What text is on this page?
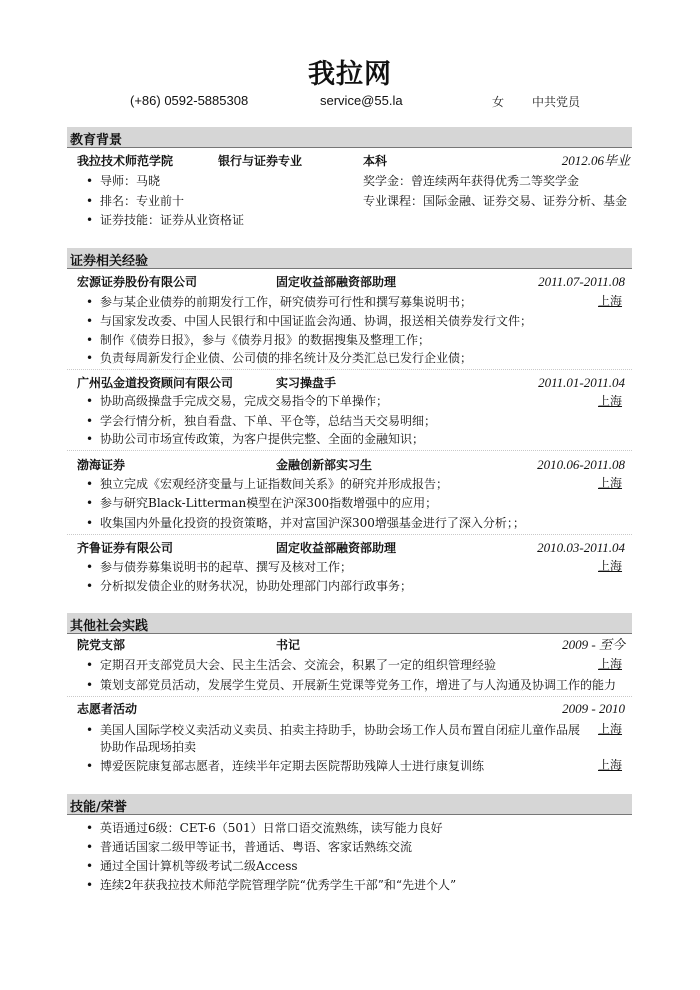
我拉网
(+86) 0592-5885308	service@55.la	女 中共党员
教育背景
我拉技术师范学院	银行与证券专业	本科	2012.06毕业
• 导师：马晓
• 排名：专业前十
• 证券技能：证券从业资格证
奖学金：曾连续两年获得优秀二等奖学金
专业课程：国际金融、证券交易、证券分析、基金
证券相关经验
宏源证券股份有限公司	固定收益部融资部助理	2011.07-2011.08
• 参与某企业债券的前期发行工作，研究债券可行性和撰写募集说明书；	上海
• 与国家发改委、中国人民银行和中国证监会沟通、协调，报送相关债券发行文件；
• 制作《债券日报》，参与《债券月报》的数据搜集及整理工作；
• 负责每周新发行企业债、公司债的排名统计及分类汇总已发行企业债；
广州弘金道投资顾问有限公司	实习操盘手	2011.01-2011.04
• 协助高级操盘手完成交易，完成交易指令的下单操作；	上海
• 学会行情分析，独自看盘、下单、平仓等，总结当天交易明细；
• 协助公司市场宣传政策，为客户提供完整、全面的金融知识；
渤海证券	金融创新部实习生	2010.06-2011.08
• 独立完成《宏观经济变量与上证指数间关系》的研究并形成报告；	上海
• 参与研究Black-Litterman模型在沪深300指数增强中的应用；
• 收集国内外量化投资的投资策略，并对富国沪深300增强基金进行了深入分析；；
齐鲁证券有限公司	固定收益部融资部助理	2010.03-2011.04
• 参与债券募集说明书的起草、撰写及核对工作；	上海
• 分析拟发债企业的财务状况，协助处理部门内部行政事务；
其他社会实践
院党支部	书记	2009 - 至今
• 定期召开支部党员大会、民主生活会、交流会，积累了一定的组织管理经验	上海
• 策划支部党员活动，发展学生党员、开展新生党课等党务工作，增进了与人沟通及协调工作的能力
志愿者活动	2009 - 2010
• 美国人国际学校义卖活动义卖员、拍卖主持助手，协助会场工作人员布置自闭症儿童作品展
协助作品现场拍卖
上海
• 博爱医院康复部志愿者，连续半年定期去医院帮助残障人士进行康复训练	上海
技能/荣誉
• 英语通过6级：CET-6（501）日常口语交流熟练，读写能力良好
• 普通话国家二级甲等证书，普通话、粤语、客家话熟练交流
• 通过全国计算机等级考试二级Access
• 连续2年获我拉技术师范学院管理学院“优秀学生干部”和“先进个人”
